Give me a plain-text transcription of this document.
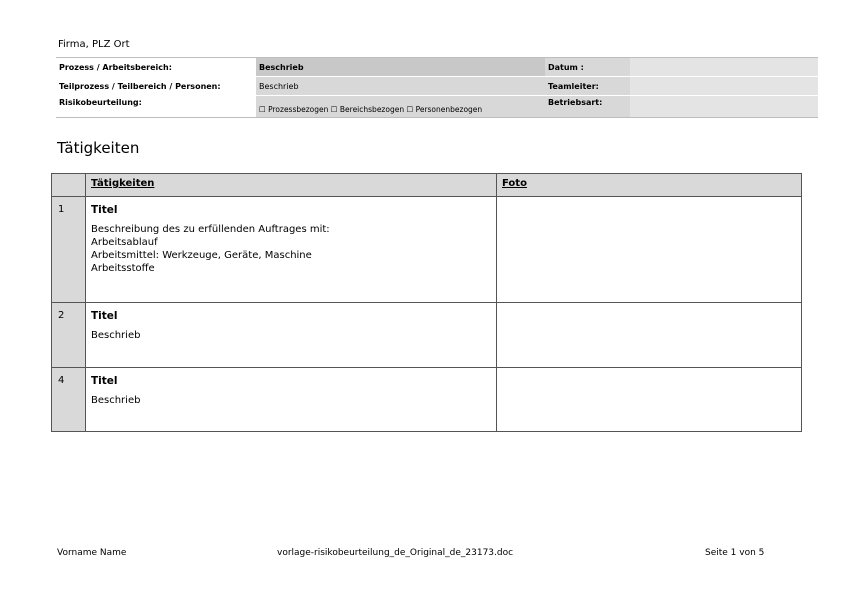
Firma, PLZ Ort
Prozess / Arbeitsbereich:	Beschrieb	Datum :	
Teilprozess / Teilbereich / Personen:	Beschrieb	Teamleiter:	
Risikobeurteilung:	☐ Prozessbezogen ☐ Bereichsbezogen ☐ Personenbezogen	Betriebsart:	
Tätigkeiten
	Tätigkeiten	Foto
1	Titel
Beschreibung des zu erfüllenden Auftrages mit:
Arbeitsablauf
Arbeitsmittel: Werkzeuge, Geräte, Maschine
Arbeitsstoffe	

2	Titel
Beschrieb	

4	Titel
Beschrieb	

Vorname Name	vorlage-risikobeurteilung_de_Original_de_23173.doc	Seite 1 von 5
